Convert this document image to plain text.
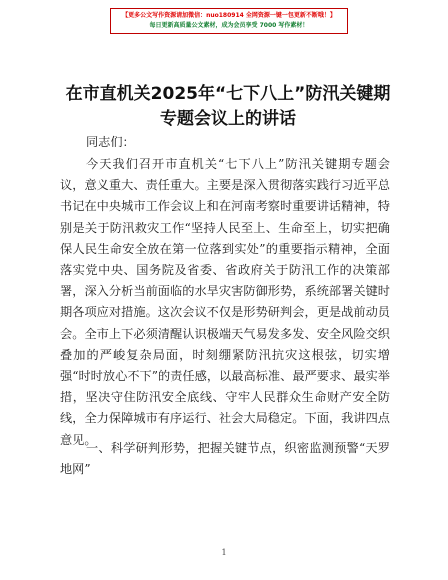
【更多公文写作资源请加微信：nuo180914 全网资源一键一包更新不断哦！】
每日更新高质量公文素材，成为会员享受 7000 写作素材！
在市直机关2025年“七下八上”防汛关键期专题会议上的讲话
同志们：
今天我们召开市直机关“七下八上”防汛关键期专题会议，意义重大、责任重大。主要是深入贯彻落实践行习近平总书记在中央城市工作会议上和在河南考察时重要讲话精神，特别是关于防汛救灾工作“坚持人民至上、生命至上，切实把确保人民生命安全放在第一位落到实处”的重要指示精神，全面落实党中央、国务院及省委、省政府关于防汛工作的决策部署，深入分析当前面临的水旱灾害防御形势，系统部署关键时期各项应对措施。这次会议不仅是形势研判会，更是战前动员会。全市上下必须清醒认识极端天气易发多发、安全风险交织叠加的严峻复杂局面，时刻绷紧防汛抗灾这根弦，切实增强“时时放心不下”的责任感，以最高标准、最严要求、最实举措，坚决守住防汛安全底线、守牢人民群众生命财产安全防线，全力保障城市有序运行、社会大局稳定。下面，我讲四点意见。
一、科学研判形势，把握关键节点，织密监测预警“天罗地网”
1
